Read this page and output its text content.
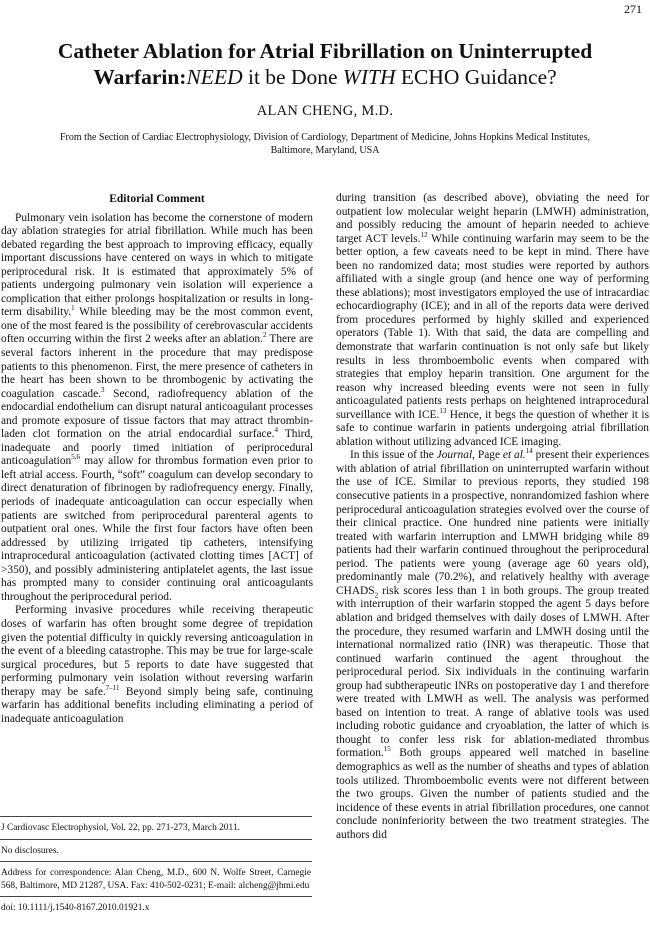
271
Catheter Ablation for Atrial Fibrillation on Uninterrupted
Warfarin:NEED it be Done WITH ECHO Guidance?
ALAN CHENG, M.D.
From the Section of Cardiac Electrophysiology, Division of Cardiology, Department of Medicine, Johns Hopkins Medical Institutes, Baltimore, Maryland, USA
Editorial Comment

Pulmonary vein isolation has become the cornerstone of modern day ablation strategies for atrial fibrillation. While much has been debated regarding the best approach to improving efficacy, equally important discussions have centered on ways in which to mitigate periprocedural risk. It is estimated that approximately 5% of patients undergoing pulmonary vein isolation will experience a complication that either prolongs hospitalization or results in long-term disability.$^1$ While bleeding may be the most common event, one of the most feared is the possibility of cerebrovascular accidents often occurring within the first 2 weeks after an ablation.$^2$ There are several factors inherent in the procedure that may predispose patients to this phenomenon. First, the mere presence of catheters in the heart has been shown to be thrombogenic by activating the coagulation cascade.$^3$ Second, radiofrequency ablation of the endocardial endothelium can disrupt natural anticoagulant processes and promote exposure of tissue factors that may attract thrombin-laden clot formation on the atrial endocardial surface.$^4$ Third, inadequate and poorly timed initiation of periprocedural anticoagulation$^{5,6}$ may allow for thrombus formation even prior to left atrial access. Fourth, “soft” coagulum can develop secondary to direct denaturation of fibrinogen by radiofrequency energy. Finally, periods of inadequate anticoagulation can occur especially when patients are switched from periprocedural parenteral agents to outpatient oral ones. While the first four factors have often been addressed by utilizing irrigated tip catheters, intensifying intraprocedural anticoagulation (activated clotting times [ACT] of >350), and possibly administering antiplatelet agents, the last issue has prompted many to consider continuing oral anticoagulants throughout the periprocedural period.

Performing invasive procedures while receiving therapeutic doses of warfarin has often brought some degree of trepidation given the potential difficulty in quickly reversing anticoagulation in the event of a bleeding catastrophe. This may be true for large-scale surgical procedures, but 5 reports to date have suggested that performing pulmonary vein isolation without reversing warfarin therapy may be safe.$^{7-11}$ Beyond simply being safe, continuing warfarin has additional benefits including eliminating a period of inadequate anticoagulation

during transition (as described above), obviating the need for outpatient low molecular weight heparin (LMWH) administration, and possibly reducing the amount of heparin needed to achieve target ACT levels.$^{12}$ While continuing warfarin may seem to be the better option, a few caveats need to be kept in mind. There have been no randomized data; most studies were reported by authors affiliated with a single group (and hence one way of performing these ablations); most investigators employed the use of intracardiac echocardiography (ICE); and in all of the reports data were derived from procedures performed by highly skilled and experienced operators (Table 1). With that said, the data are compelling and demonstrate that warfarin continuation is not only safe but likely results in less thromboembolic events when compared with strategies that employ heparin transition. One argument for the reason why increased bleeding events were not seen in fully anticoagulated patients rests perhaps on heightened intraprocedural surveillance with ICE.$^{13}$ Hence, it begs the question of whether it is safe to continue warfarin in patients undergoing atrial fibrillation ablation without utilizing advanced ICE imaging.

In this issue of the Journal, Page et al.$^{14}$ present their experiences with ablation of atrial fibrillation on uninterrupted warfarin without the use of ICE. Similar to previous reports, they studied 198 consecutive patients in a prospective, nonrandomized fashion where periprocedural anticoagulation strategies evolved over the course of their clinical practice. One hundred nine patients were initially treated with warfarin interruption and LMWH bridging while 89 patients had their warfarin continued throughout the periprocedural period. The patients were young (average age 60 years old), predominantly male (70.2%), and relatively healthy with average $CHADS_2$ risk scores less than 1 in both groups. The group treated with interruption of their warfarin stopped the agent 5 days before ablation and bridged themselves with daily doses of LMWH. After the procedure, they resumed warfarin and LMWH dosing until the international normalized ratio (INR) was therapeutic. Those that continued warfarin continued the agent throughout the periprocedural period. Six individuals in the continuing warfarin group had subtherapeutic INRs on postoperative day 1 and therefore were treated with LMWH as well. The analysis was performed based on intention to treat. A range of ablative tools was used including robotic guidance and cryoablation, the latter of which is thought to confer less risk for ablation-mediated thrombus formation.$^{15}$ Both groups appeared well matched in baseline demographics as well as the number of sheaths and types of ablation tools utilized. Thromboembolic events were not different between the two groups. Given the number of patients studied and the incidence of these events in atrial fibrillation procedures, one cannot conclude noninferiority between the two treatment strategies. The authors did

J Cardiovasc Electrophysiol, Vol. 22, pp. 271-273, March 2011.
No disclosures.
Address for correspondence: Alan Cheng, M.D., 600 N. Wolfe Street, Carnegie 568, Baltimore, MD 21287, USA. Fax: 410-502-0231; E-mail: alcheng@jhmi.edu
doi: 10.1111/j.1540-8167.2010.01921.x
